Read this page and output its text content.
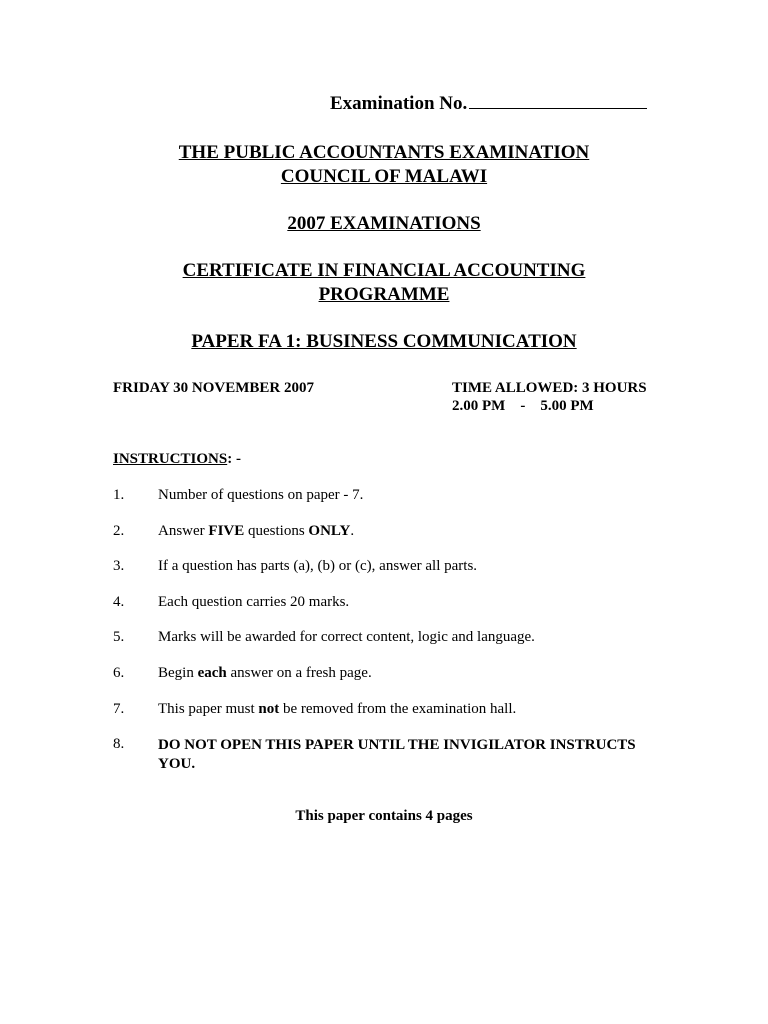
Examination No.
THE PUBLIC ACCOUNTANTS EXAMINATION
COUNCIL OF MALAWI
2007 EXAMINATIONS
CERTIFICATE IN FINANCIAL ACCOUNTING
PROGRAMME
PAPER FA 1: BUSINESS COMMUNICATION
FRIDAY 30 NOVEMBER 2007	TIME ALLOWED: 3 HOURS
2.00 PM    -    5.00 PM
INSTRUCTIONS: -
1. Number of questions on paper - 7.
2. Answer FIVE questions ONLY.
3. If a question has parts (a), (b) or (c), answer all parts.
4. Each question carries 20 marks.
5. Marks will be awarded for correct content, logic and language.
6. Begin each answer on a fresh page.
7. This paper must not be removed from the examination hall.
8. DO NOT OPEN THIS PAPER UNTIL THE INVIGILATOR INSTRUCTS YOU.
This paper contains 4 pages
